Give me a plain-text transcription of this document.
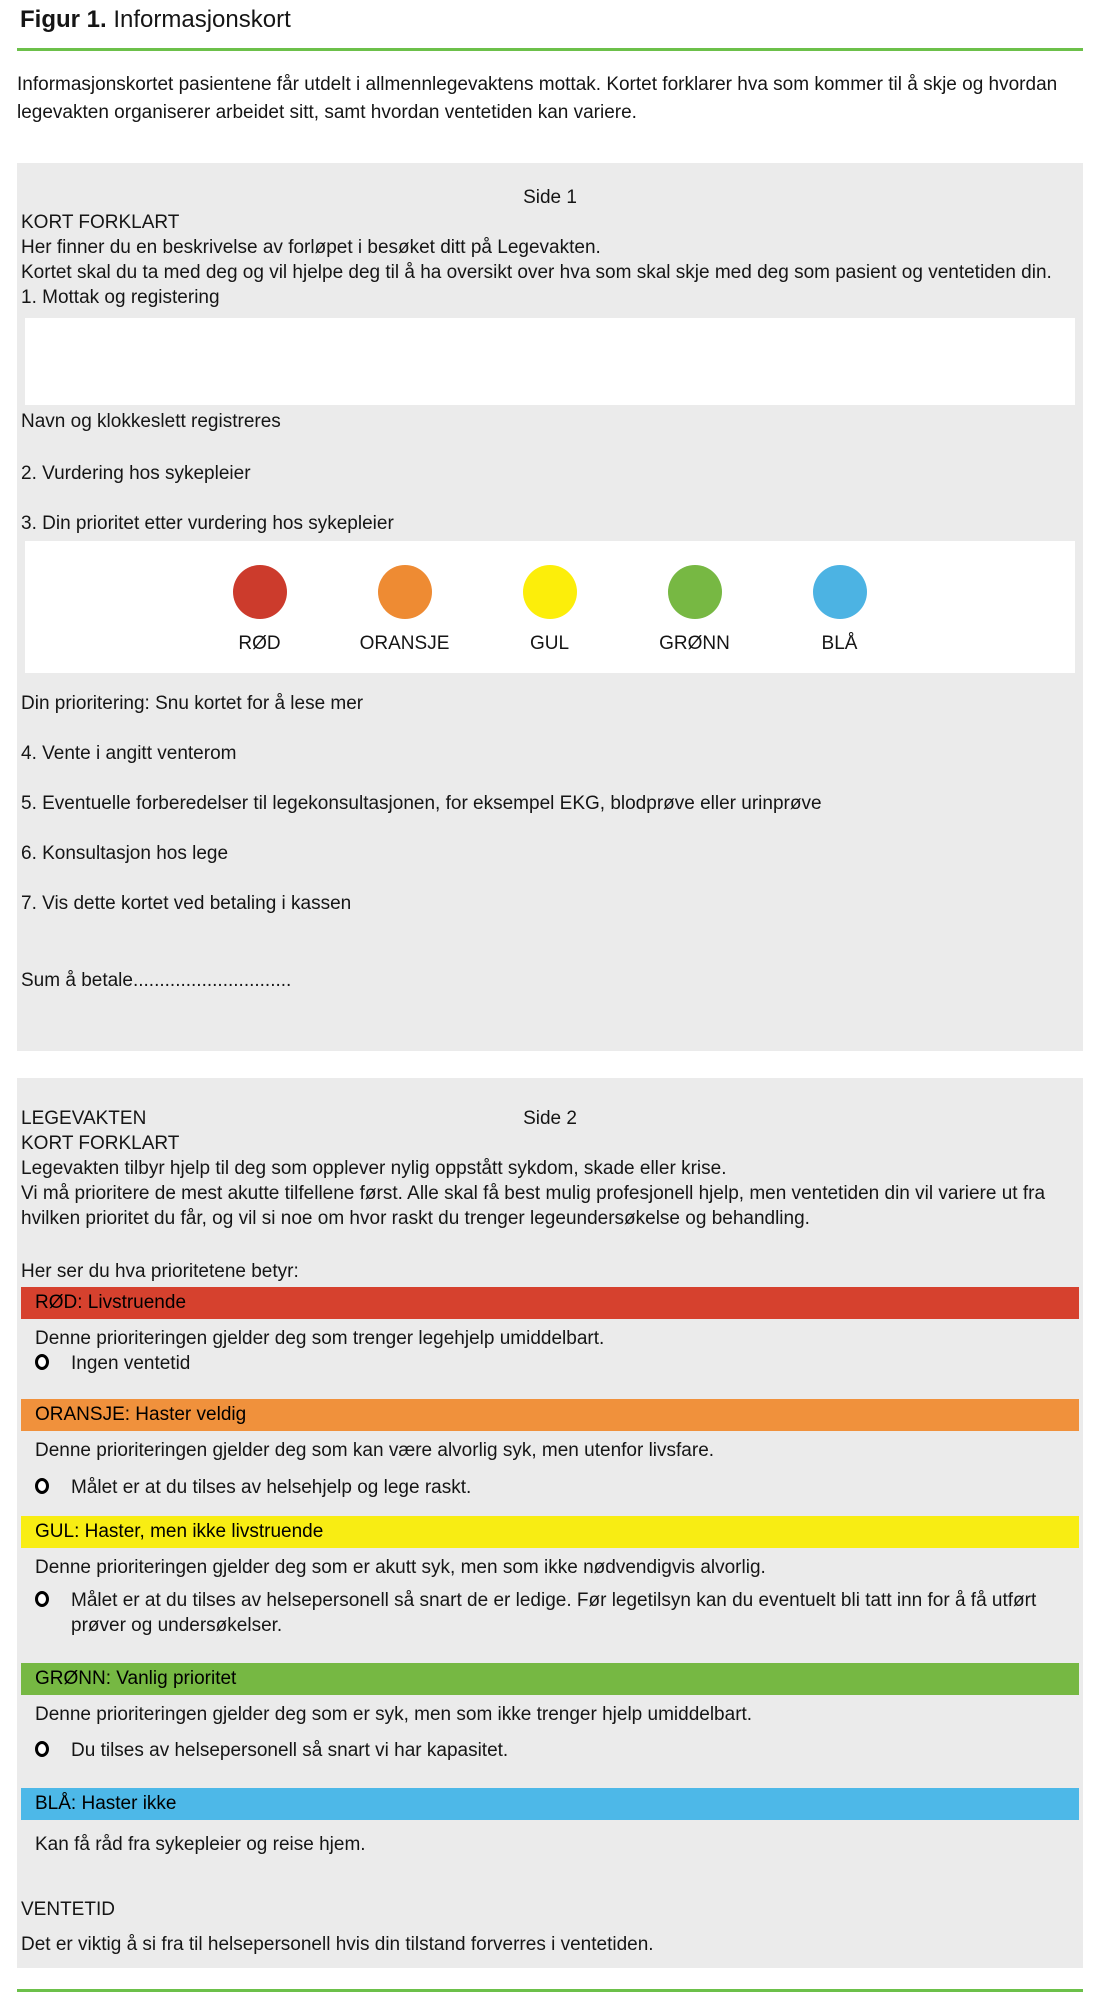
Figur 1. Informasjonskort

Informasjonskortet pasientene får utdelt i allmennlegevaktens mottak. Kortet forklarer hva som kommer til å skje og hvordan legevakten organiserer arbeidet sitt, samt hvordan ventetiden kan variere.

Side 1
KORT FORKLART
Her finner du en beskrivelse av forløpet i besøket ditt på Legevakten.
Kortet skal du ta med deg og vil hjelpe deg til å ha oversikt over hva som skal skje med deg som pasient og ventetiden din.
1. Mottak og registering
Navn og klokkeslett registreres
2. Vurdering hos sykepleier
3. Din prioritet etter vurdering hos sykepleier
RØD	ORANSJE	GUL	GRØNN	BLÅ
Din prioritering: Snu kortet for å lese mer
4. Vente i angitt venterom
5. Eventuelle forberedelser til legekonsultasjonen, for eksempel EKG, blodprøve eller urinprøve
6. Konsultasjon hos lege
7. Vis dette kortet ved betaling i kassen
Sum å betale..............................
LEGEVAKTEN	Side 2
KORT FORKLART
Legevakten tilbyr hjelp til deg som opplever nylig oppstått sykdom, skade eller krise.
Vi må prioritere de mest akutte tilfellene først. Alle skal få best mulig profesjonell hjelp, men ventetiden din vil variere ut fra hvilken prioritet du får, og vil si noe om hvor raskt du trenger legeundersøkelse og behandling.
Her ser du hva prioritetene betyr:
RØD: Livstruende
Denne prioriteringen gjelder deg som trenger legehjelp umiddelbart.
Ingen ventetid
ORANSJE: Haster veldig
Denne prioriteringen gjelder deg som kan være alvorlig syk, men utenfor livsfare.
Målet er at du tilses av helsehjelp og lege raskt.
GUL: Haster, men ikke livstruende
Denne prioriteringen gjelder deg som er akutt syk, men som ikke nødvendigvis alvorlig.
Målet er at du tilses av helsepersonell så snart de er ledige. Før legetilsyn kan du eventuelt bli tatt inn for å få utført prøver og undersøkelser.
GRØNN: Vanlig prioritet
Denne prioriteringen gjelder deg som er syk, men som ikke trenger hjelp umiddelbart.
Du tilses av helsepersonell så snart vi har kapasitet.
BLÅ: Haster ikke
Kan få råd fra sykepleier og reise hjem.
VENTETID
Det er viktig å si fra til helsepersonell hvis din tilstand forverres i ventetiden.
